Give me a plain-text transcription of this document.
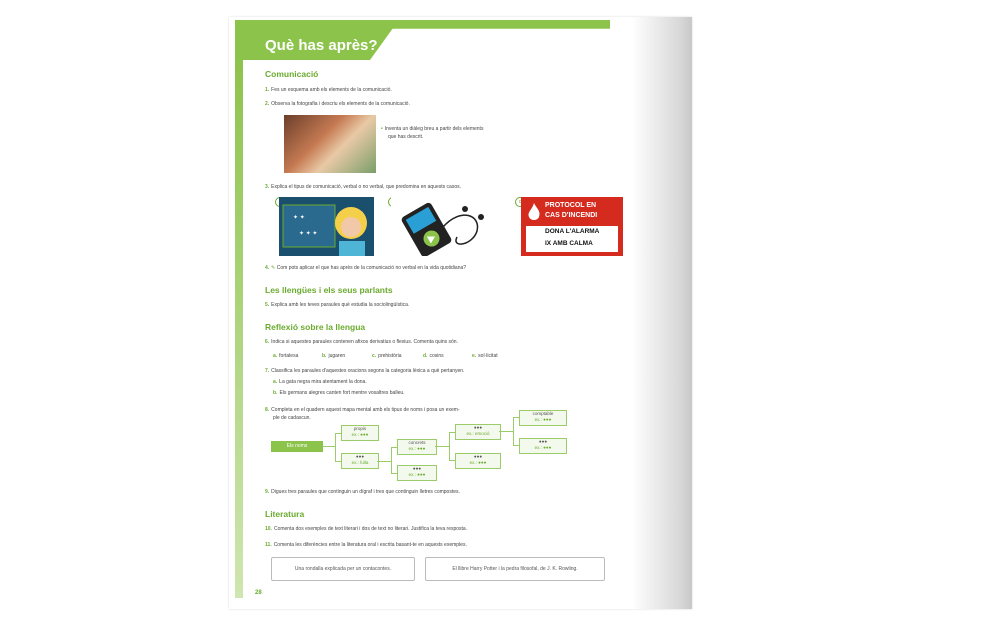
Què has après?
Comunicació
1. Fes un esquema amb els elements de la comunicació.
2. Observa la fotografia i descriu els elements de la comunicació.
• Inventa un diàleg breu a partir dels elements
que has descrit.
3. Explica el tipus de comunicació, verbal o no verbal, que predomina en aquests casos.
✦ ✦
✦ ✦ ✦
c	PROTOCOL EN
CAS D'INCENDI
DONA L'ALARMA
IX AMB CALMA
4. ✎ Com pots aplicar el que has après de la comunicació no verbal en la vida quotidiana?
Les llengües i els seus parlants
5. Explica amb les teves paraules què estudia la sociolingüística.
Reflexió sobre la llengua
6. Indica si aquestes paraules contenen afixos derivatius o flexius. Comenta quins són.
a. fortalesa	b. jugaren	c. prehistòria	d. cosins	e. sol·licitat
7. Classifica les paraules d'aquestes oracions segons la categoria lèxica a què pertanyen.
a. La gata negra mira atentament la dona.
b. Els germans alegres canten fort mentre vosaltres balleu.
8. Completa en el quadern aquest mapa mental amb els tipus de noms i posa un exem-
ple de cadascun.
Els noms
propis
ex.: ●●●
●●●
ex.: fulla
concrets
ex.: ●●●
●●●
ex.: ●●●
●●●
ex.: emoció
●●●
ex.: ●●●
comptable
ex.: ●●●
●●●
ex.: ●●●
9. Digues tres paraules que continguin un dígraf i tres que continguin lletres compostes.
Literatura
10. Comenta dos exemples de text literari i dos de text no literari. Justifica la teva resposta.
11. Comenta les diferències entre la literatura oral i escrita basant-te en aquests exemples.
Una rondalla explicada per un contacontes.	El llibre Harry Potter i la pedra filosofal, de J. K. Rowling.
28
